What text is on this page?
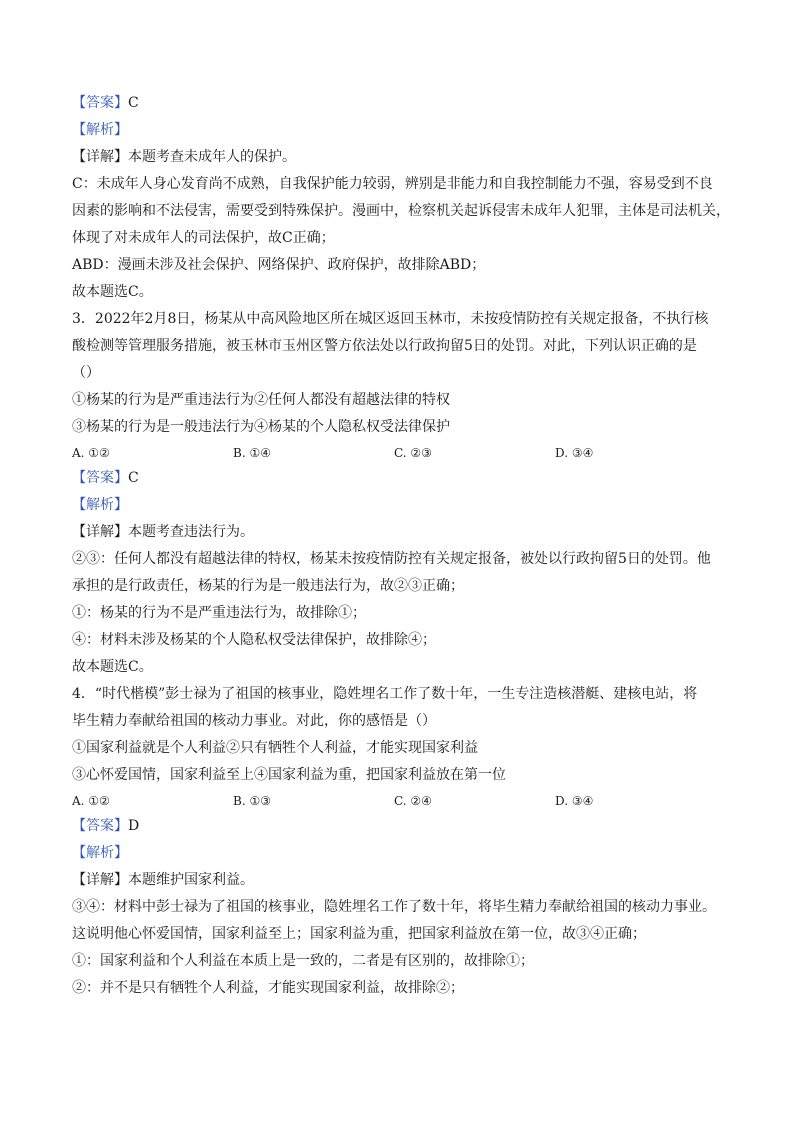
【答案】C
【解析】
【详解】本题考查未成年人的保护。
C：未成年人身心发育尚不成熟，自我保护能力较弱，辨别是非能力和自我控制能力不强，容易受到不良
因素的影响和不法侵害，需要受到特殊保护。漫画中，检察机关起诉侵害未成年人犯罪，主体是司法机关，
体现了对未成年人的司法保护，故C正确；
ABD：漫画未涉及社会保护、网络保护、政府保护，故排除ABD；
故本题选C。
3．2022年2月8日，杨某从中高风险地区所在城区返回玉林市，未按疫情防控有关规定报备，不执行核
酸检测等管理服务措施，被玉林市玉州区警方依法处以行政拘留5日的处罚。对此，下列认识正确的是
（）
①杨某的行为是严重违法行为②任何人都没有超越法律的特权
③杨某的行为是一般违法行为④杨某的个人隐私权受法律保护
A. ①②	B. ①④	C. ②③	D. ③④
【答案】C
【解析】
【详解】本题考查违法行为。
②③：任何人都没有超越法律的特权，杨某未按疫情防控有关规定报备，被处以行政拘留5日的处罚。他
承担的是行政责任，杨某的行为是一般违法行为，故②③正确；
①：杨某的行为不是严重违法行为，故排除①；
④：材料未涉及杨某的个人隐私权受法律保护，故排除④；
故本题选C。
4．“时代楷模”彭士禄为了祖国的核事业，隐姓埋名工作了数十年，一生专注造核潜艇、建核电站，将
毕生精力奉献给祖国的核动力事业。对此，你的感悟是（）
①国家利益就是个人利益②只有牺牲个人利益，才能实现国家利益
③心怀爱国情，国家利益至上④国家利益为重，把国家利益放在第一位
A. ①②	B. ①③	C. ②④	D. ③④
【答案】D
【解析】
【详解】本题维护国家利益。
③④：材料中彭士禄为了祖国的核事业，隐姓埋名工作了数十年，将毕生精力奉献给祖国的核动力事业。
这说明他心怀爱国情，国家利益至上；国家利益为重，把国家利益放在第一位，故③④正确；
①：国家利益和个人利益在本质上是一致的，二者是有区别的，故排除①；
②：并不是只有牺牲个人利益，才能实现国家利益，故排除②；
